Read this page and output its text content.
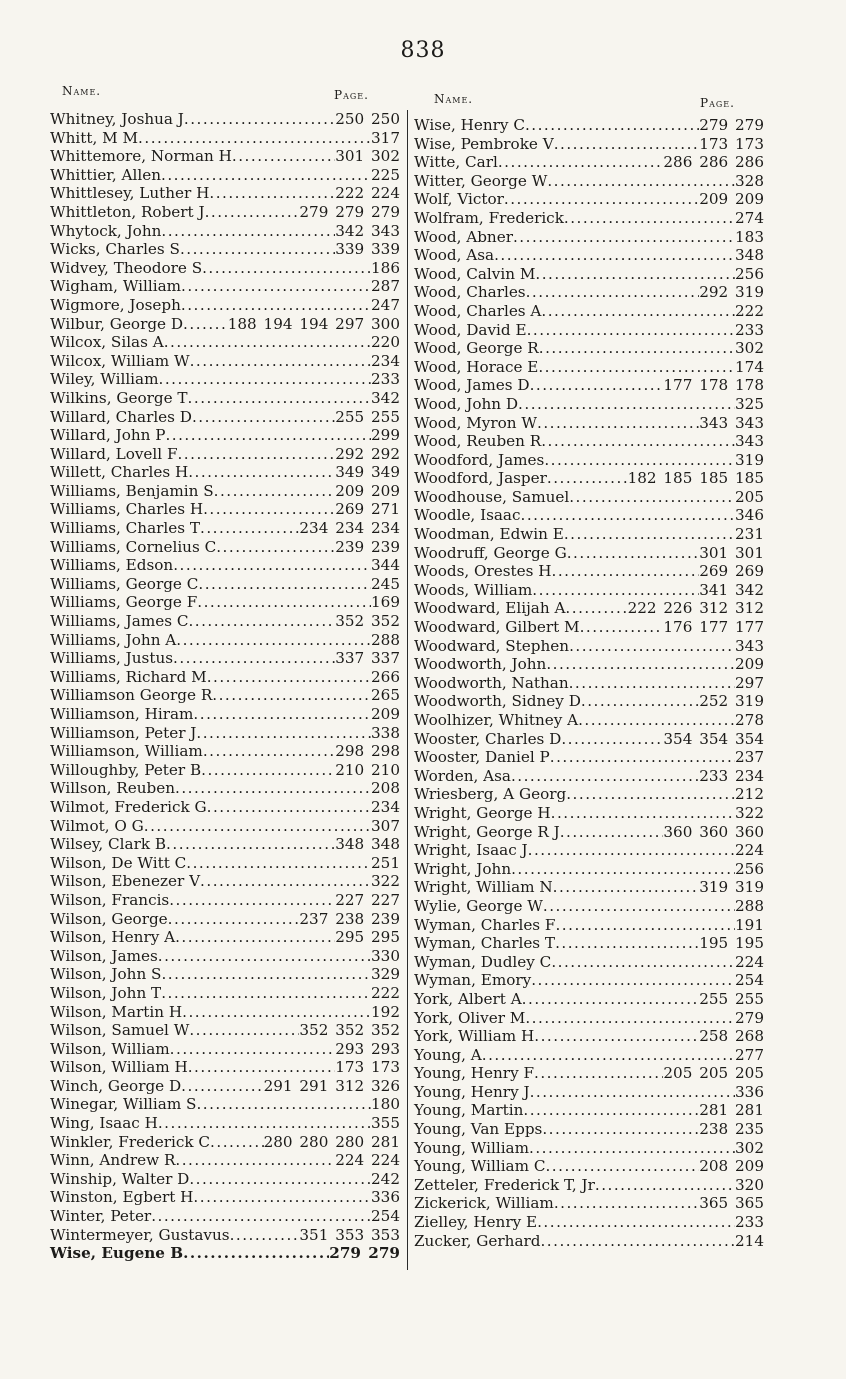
838
Name.	Page.	Name.	Page.
Whitney, Joshua J .....	250 250
Whitt, M M .....	317
Whittemore, Norman H .....	301 302
Whittier, Allen .....	225
Whittlesey, Luther H .....	222 224
Whittleton, Robert J .....	279 279 279
Whytock, John .....	342 343
Wicks, Charles S .....	339 339
Widvey, Theodore S .....	186
Wigham, William .....	287
Wigmore, Joseph .....	247
Wilbur, George D .....	188 194 194 297 300
Wilcox, Silas A .....	220
Wilcox, William W .....	234
Wiley, William .....	233
Wilkins, George T .....	342
Willard, Charles D .....	255 255
Willard, John P .....	299
Willard, Lovell F .....	292 292
Willett, Charles H .....	349 349
Williams, Benjamin S .....	209 209
Williams, Charles H .....	269 271
Williams, Charles T .....	234 234 234
Williams, Cornelius C .....	239 239
Williams, Edson .....	344
Williams, George C .....	245
Williams, George F .....	169
Williams, James C .....	352 352
Williams, John A .....	288
Williams, Justus .....	337 337
Williams, Richard M .....	266
Williamson George R .....	265
Williamson, Hiram .....	209
Williamson, Peter J .....	338
Williamson, William .....	298 298
Willoughby, Peter B .....	210 210
Willson, Reuben .....	208
Wilmot, Frederick G .....	234
Wilmot, O G .....	307
Wilsey, Clark B .....	348 348
Wilson, De Witt C .....	251
Wilson, Ebenezer V .....	322
Wilson, Francis .....	227 227
Wilson, George .....	237 238 239
Wilson, Henry A .....	295 295
Wilson, James .....	330
Wilson, John S .....	329
Wilson, John T .....	222
Wilson, Martin H .....	192
Wilson, Samuel W .....	352 352 352
Wilson, William .....	293 293
Wilson, William H .....	173 173
Winch, George D .....	291 291 312 326
Winegar, William S .....	180
Wing, Isaac H .....	355
Winkler, Frederick C .....	280 280 280 281
Winn, Andrew R .....	224 224
Winship, Walter D .....	242
Winston, Egbert H .....	336
Winter, Peter .....	254
Wintermeyer, Gustavus .....	351 353 353
Wise, Eugene B .....	279 279
Wise, Henry C .....	279 279
Wise, Pembroke V .....	173 173
Witte, Carl .....	286 286 286
Witter, George W .....	328
Wolf, Victor .....	209 209
Wolfram, Frederick .....	274
Wood, Abner .....	183
Wood, Asa .....	348
Wood, Calvin M .....	256
Wood, Charles .....	292 319
Wood, Charles A .....	222
Wood, David E .....	233
Wood, George R .....	302
Wood, Horace E .....	174
Wood, James D .....	177 178 178
Wood, John D .....	325
Wood, Myron W .....	343 343
Wood, Reuben R .....	343
Woodford, James .....	319
Woodford, Jasper .....	182 185 185 185
Woodhouse, Samuel .....	205
Woodle, Isaac .....	346
Woodman, Edwin E .....	231
Woodruff, George G .....	301 301
Woods, Orestes H .....	269 269
Woods, William .....	341 342
Woodward, Elijah A .....	222 226 312 312
Woodward, Gilbert M .....	176 177 177
Woodward, Stephen .....	343
Woodworth, John .....	209
Woodworth, Nathan .....	297
Woodworth, Sidney D .....	252 319
Woolhizer, Whitney A .....	278
Wooster, Charles D .....	354 354 354
Wooster, Daniel P .....	237
Worden, Asa .....	233 234
Wriesberg, A Georg .....	212
Wright, George H .....	322
Wright, George R J .....	360 360 360
Wright, Isaac J .....	224
Wright, John .....	256
Wright, William N .....	319 319
Wylie, George W .....	288
Wyman, Charles F .....	191
Wyman, Charles T .....	195 195
Wyman, Dudley C .....	224
Wyman, Emory .....	254
York, Albert A .....	255 255
York, Oliver M .....	279
York, William H .....	258 268
Young, A .....	277
Young, Henry F .....	205 205 205
Young, Henry J .....	336
Young, Martin .....	281 281
Young, Van Epps .....	238 235
Young, William .....	302
Young, William C .....	208 209
Zetteler, Frederick T, Jr .....	320
Zickerick, William .....	365 365
Zielley, Henry E .....	233
Zucker, Gerhard .....	214
